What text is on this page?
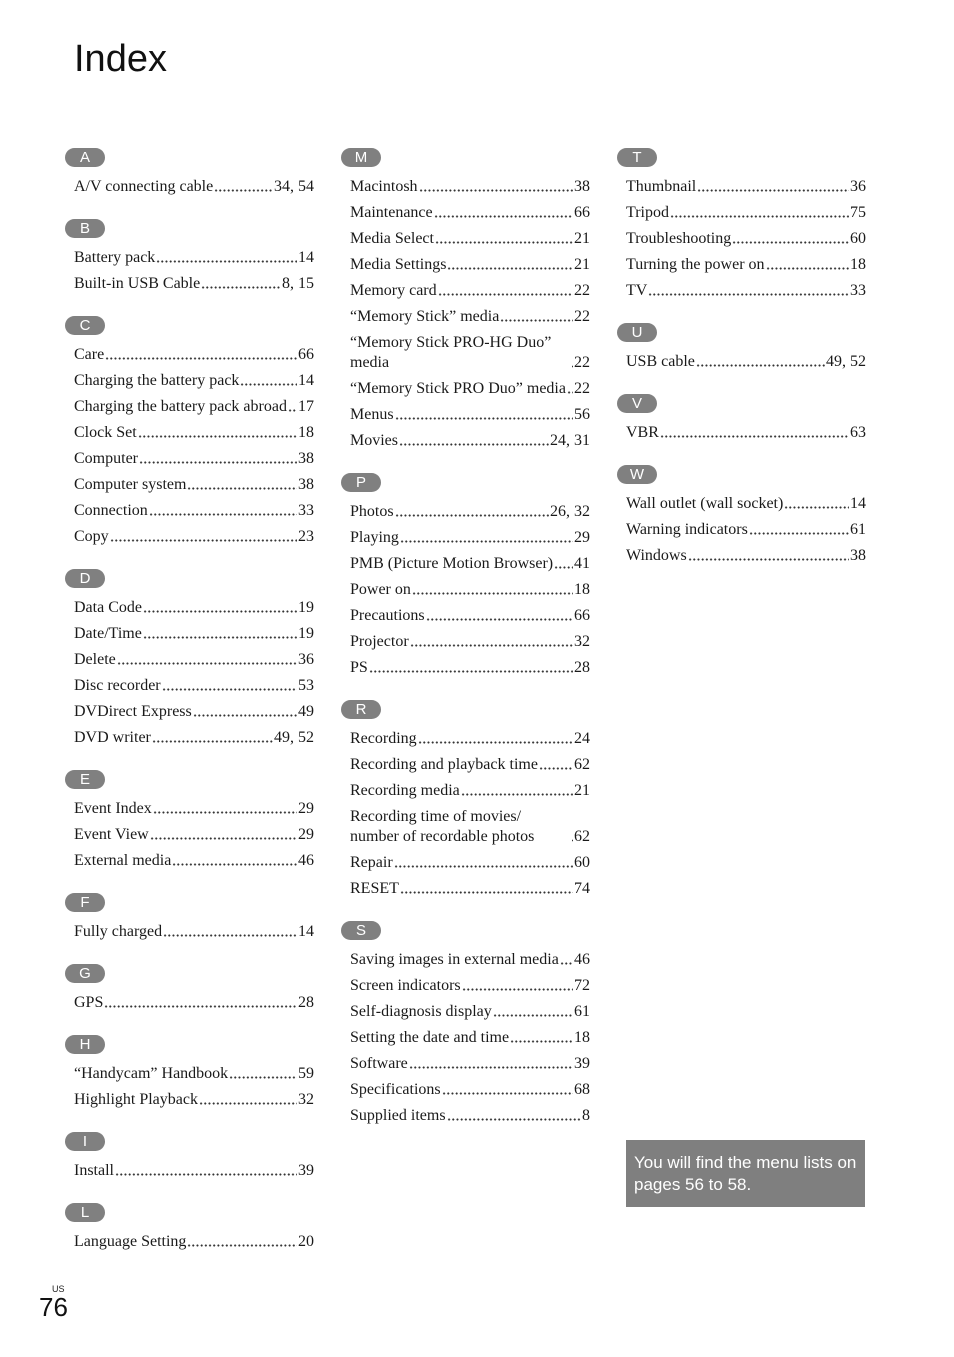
Index
A
A/V connecting cable	34, 54
B
Battery pack	14
Built-in USB Cable	8, 15
C
Care	66
Charging the battery pack	14
Charging the battery pack abroad 17
Clock Set	18
Computer	38
Computer system	38
Connection	33
Copy	23
D
Data Code	19
Date/Time	19
Delete	36
Disc recorder	53
DVDirect Express	49
DVD writer	49, 52
E
Event Index	29
Event View	29
External media	46
F
Fully charged	14
G
GPS	28
H
“Handycam” Handbook	59
Highlight Playback	32
I
Install	39
L
Language Setting	20
M
Macintosh	38
Maintenance	66
Media Select	21
Media Settings	21
Memory card	22
“Memory Stick” media	22
“Memory Stick PRO-HG Duo” media	22
“Memory Stick PRO Duo” media 22
Menus	56
Movies	24, 31
P
Photos	26, 32
Playing	29
PMB (Picture Motion Browser) 41
Power on	18
Precautions	66
Projector	32
PS	28
R
Recording	24
Recording and playback time 62
Recording media	21
Recording time of movies/ number of recordable photos	62
Repair	60
RESET	74
S
Saving images in external media 46
Screen indicators	72
Self-diagnosis display	61
Setting the date and time	18
Software	39
Specifications	68
Supplied items	8
T
Thumbnail	36
Tripod	75
Troubleshooting	60
Turning the power on	18
TV	33
U
USB cable	49, 52
V
VBR	63
W
Wall outlet (wall socket)	14
Warning indicators	61
Windows	38
You will find the menu lists on pages 56 to 58.
US
76
